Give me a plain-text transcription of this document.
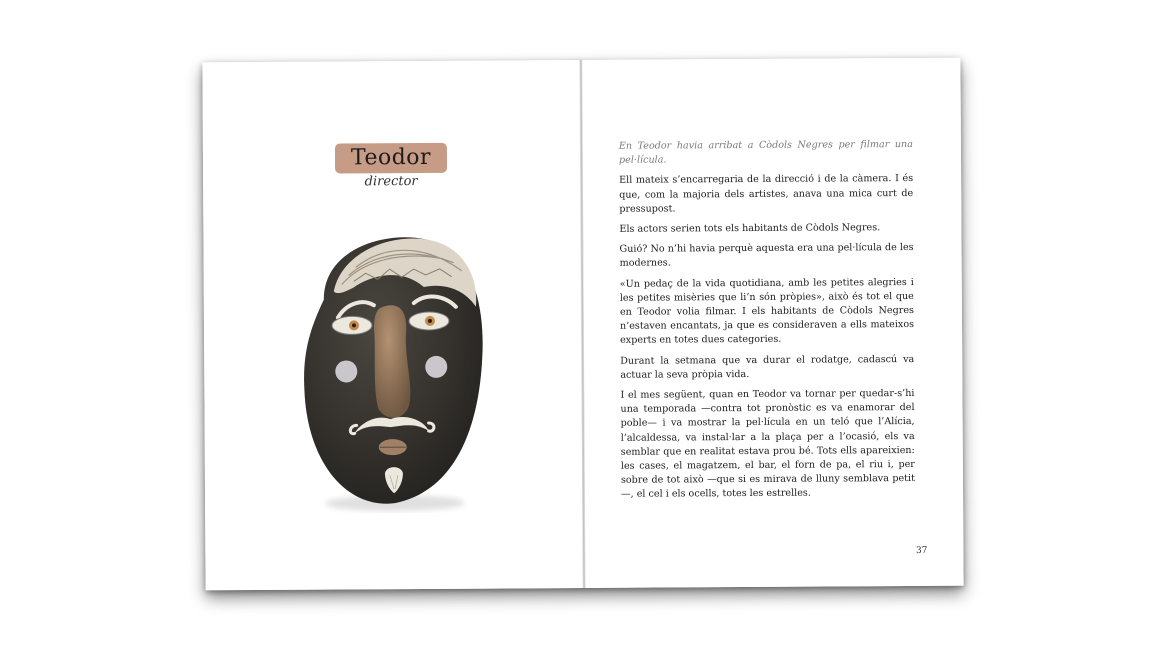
Teodor
director

En Teodor havia arribat a Còdols Negres per filmar una pel·lícula.

Ell mateix s’encarregaria de la direcció i de la càmera. I és que, com la majoria dels artistes, anava una mica curt de pressupost.

Els actors serien tots els habitants de Còdols Negres.

Guió? No n’hi havia perquè aquesta era una pel·lícula de les modernes.

«Un pedaç de la vida quotidiana, amb les petites alegries i les petites misèries que li’n són pròpies», això és tot el que en Teodor volia filmar. I els habitants de Còdols Negres n’estaven encantats, ja que es consideraven a ells mateixos experts en totes dues categories.

Durant la setmana que va durar el rodatge, cadascú va actuar la seva pròpia vida.

I el mes següent, quan en Teodor va tornar per quedar-s’hi una temporada —contra tot pronòstic es va enamorar del poble— i va mostrar la pel·lícula en un teló que l’Alícia, l’alcaldessa, va instal·lar a la plaça per a l’ocasió, els va semblar que en realitat estava prou bé. Tots ells apareixien: les cases, el magatzem, el bar, el forn de pa, el riu i, per sobre de tot això —que si es mirava de lluny semblava petit—, el cel i els ocells, totes les estrelles.

37
